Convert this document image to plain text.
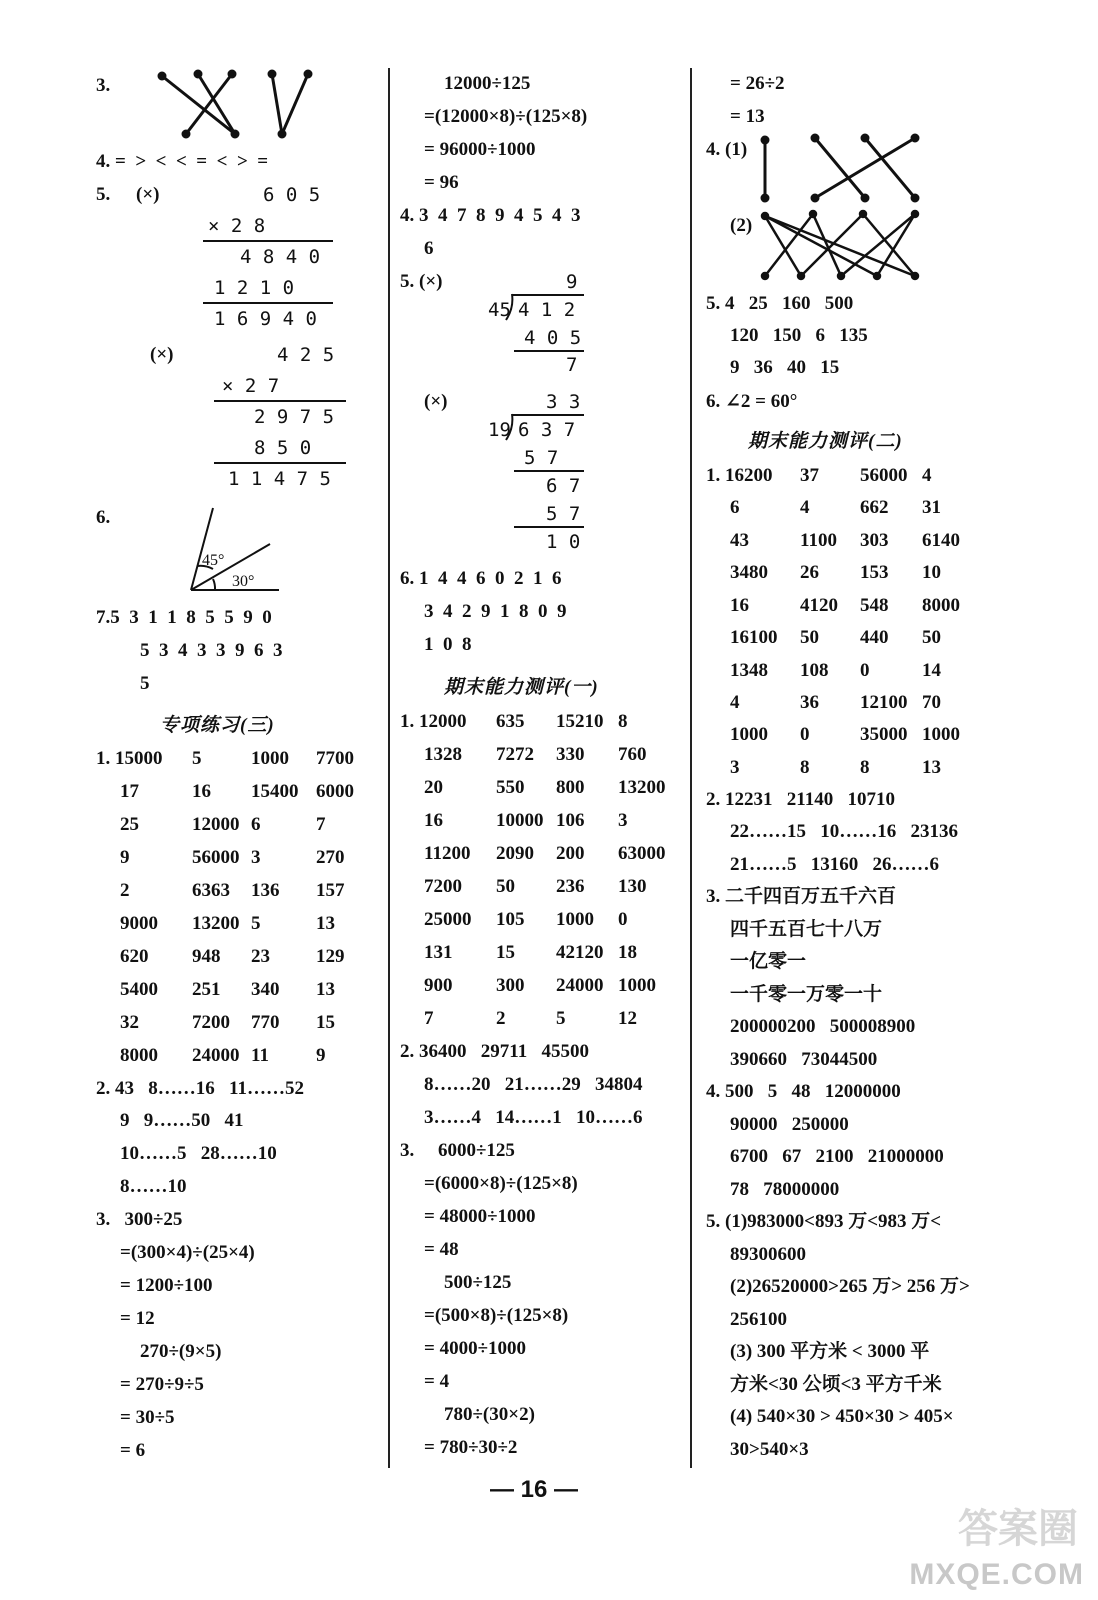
3.
4. =  >  <  <  =  <  >  =
5. (×)	6 0 5
× 2 8
4 8 4 0
1 2 1 0
1 6 9 4 0
(×)	4 2 5
× 2 7
2 9 7 5
8 5 0
1 1 4 7 5
6.
45°
30°
7.5  3  1  1  8  5  5  9  0
5  3  4  3  3  9  6  3
5
专项练习(三)
1. 15000 5	1000 7700
17	16 15400 6000
25	12000 6	7
9	56000 3	270
2	6363 136 157
9000 13200 5	13
620 948 23 129
5400 251 340 13
32	7200 770 15
8000 24000 11 9
2. 43   8……16   11……52
9   9……50   41
10……5   28……10
8……10
3.   300÷25
=(300×4)÷(25×4)
= 1200÷100
= 12
270÷(9×5)
= 270÷9÷5
= 30÷5
= 6
12000÷125
=(12000×8)÷(125×8)
= 96000÷1000
= 96
4. 3  4  7  8  9  4  5  4  3
6
5. (×)	9
45 4 1 2
4 0 5
7
(×)	3 3
19 6 3 7
5 7
6 7
5 7
1 0
6. 1  4  4  6  0  2  1  6
3  4  2  9  1  8  0  9
1  0  8
期末能力测评(一)
1. 12000 635 15210 8
1328 7272 330 760
20	550 800 13200
16	10000 106 3
11200 2090 200 63000
7200 50 236 130
25000 105 1000 0
131 15 42120 18
900 300 24000 1000
7	2	5	12
2. 36400   29711   45500
8……20   21……29   34804
3……4   14……1   10……6
3.     6000÷125
=(6000×8)÷(125×8)
= 48000÷1000
= 48
500÷125
=(500×8)÷(125×8)
= 4000÷1000
= 4
780÷(30×2)
= 780÷30÷2
= 26÷2
= 13
4. (1)
(2)
5. 4   25   160   500
120   150   6   135
9   36   40   15
6. ∠2 = 60°
期末能力测评(二)
1. 16200 37 56000 4
6	4	662 31
43	1100 303 6140
3480 26 153 10
16	4120 548 8000
16100 50 440 50
1348 108 0	14
4	36 12100 70
1000 0	35000 1000
3	8	8	13
2. 12231   21140   10710
22……15   10……16   23136
21……5   13160   26……6
3. 二千四百万五千六百
四千五百七十八万
一亿零一
一千零一万零一十
200000200   500008900
390660   73044500
4. 500   5   48   12000000
90000   250000
6700   67   2100   21000000
78   78000000
5. (1)983000<893 万<983 万<
89300600
(2)26520000>265 万> 256 万>
256100
(3) 300 平方米 < 3000 平
方米<30 公顷<3 平方千米
(4) 540×30 > 450×30 > 405×
30>540×3
— 16 —
答案圈
MXQE.COM
